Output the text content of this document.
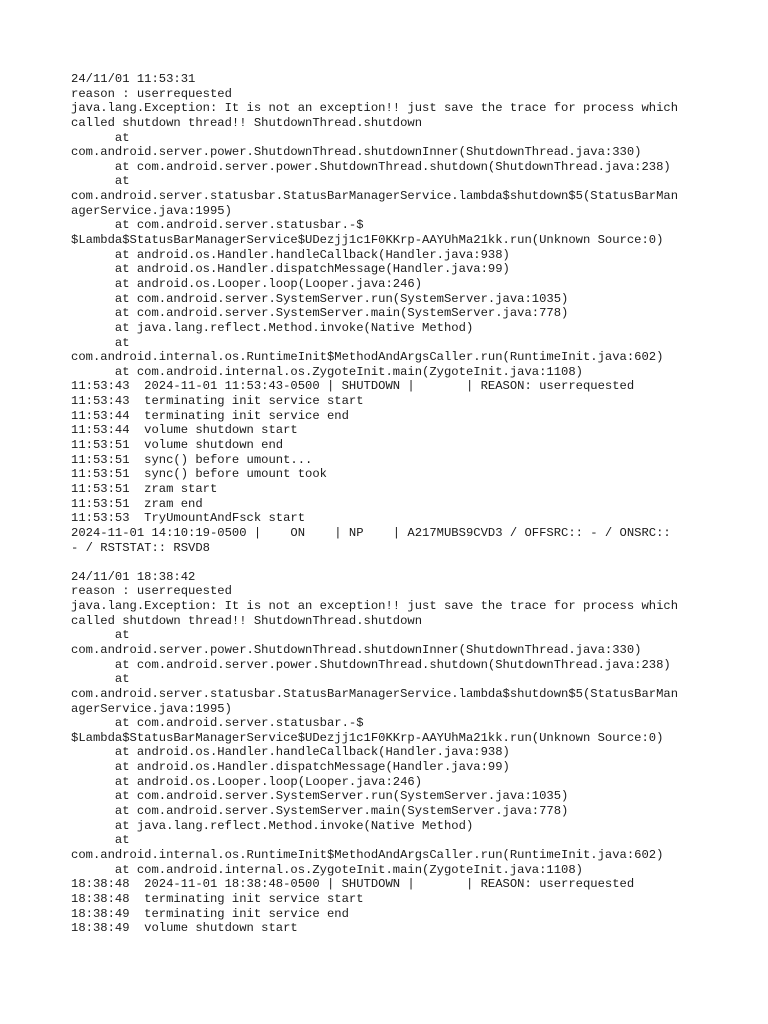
24/11/01 11:53:31
reason : userrequested
java.lang.Exception: It is not an exception!! just save the trace for process which
called shutdown thread!! ShutdownThread.shutdown
at
com.android.server.power.ShutdownThread.shutdownInner(ShutdownThread.java:330)
at com.android.server.power.ShutdownThread.shutdown(ShutdownThread.java:238)
at
com.android.server.statusbar.StatusBarManagerService.lambda$shutdown$5(StatusBarMan
agerService.java:1995)
at com.android.server.statusbar.-$
$Lambda$StatusBarManagerService$UDezjj1c1F0KKrp-AAYUhMa21kk.run(Unknown Source:0)
at android.os.Handler.handleCallback(Handler.java:938)
at android.os.Handler.dispatchMessage(Handler.java:99)
at android.os.Looper.loop(Looper.java:246)
at com.android.server.SystemServer.run(SystemServer.java:1035)
at com.android.server.SystemServer.main(SystemServer.java:778)
at java.lang.reflect.Method.invoke(Native Method)
at
com.android.internal.os.RuntimeInit$MethodAndArgsCaller.run(RuntimeInit.java:602)
at com.android.internal.os.ZygoteInit.main(ZygoteInit.java:1108)
11:53:43  2024-11-01 11:53:43-0500 | SHUTDOWN |       | REASON: userrequested
11:53:43  terminating init service start
11:53:44  terminating init service end
11:53:44  volume shutdown start
11:53:51  volume shutdown end
11:53:51  sync() before umount...
11:53:51  sync() before umount took
11:53:51  zram start
11:53:51  zram end
11:53:53  TryUmountAndFsck start
2024-11-01 14:10:19-0500 |    ON    | NP    | A217MUBS9CVD3 / OFFSRC:: - / ONSRC::
- / RSTSTAT:: RSVD8
24/11/01 18:38:42
reason : userrequested
java.lang.Exception: It is not an exception!! just save the trace for process which
called shutdown thread!! ShutdownThread.shutdown
at
com.android.server.power.ShutdownThread.shutdownInner(ShutdownThread.java:330)
at com.android.server.power.ShutdownThread.shutdown(ShutdownThread.java:238)
at
com.android.server.statusbar.StatusBarManagerService.lambda$shutdown$5(StatusBarMan
agerService.java:1995)
at com.android.server.statusbar.-$
$Lambda$StatusBarManagerService$UDezjj1c1F0KKrp-AAYUhMa21kk.run(Unknown Source:0)
at android.os.Handler.handleCallback(Handler.java:938)
at android.os.Handler.dispatchMessage(Handler.java:99)
at android.os.Looper.loop(Looper.java:246)
at com.android.server.SystemServer.run(SystemServer.java:1035)
at com.android.server.SystemServer.main(SystemServer.java:778)
at java.lang.reflect.Method.invoke(Native Method)
at
com.android.internal.os.RuntimeInit$MethodAndArgsCaller.run(RuntimeInit.java:602)
at com.android.internal.os.ZygoteInit.main(ZygoteInit.java:1108)
18:38:48  2024-11-01 18:38:48-0500 | SHUTDOWN |       | REASON: userrequested
18:38:48  terminating init service start
18:38:49  terminating init service end
18:38:49  volume shutdown start
